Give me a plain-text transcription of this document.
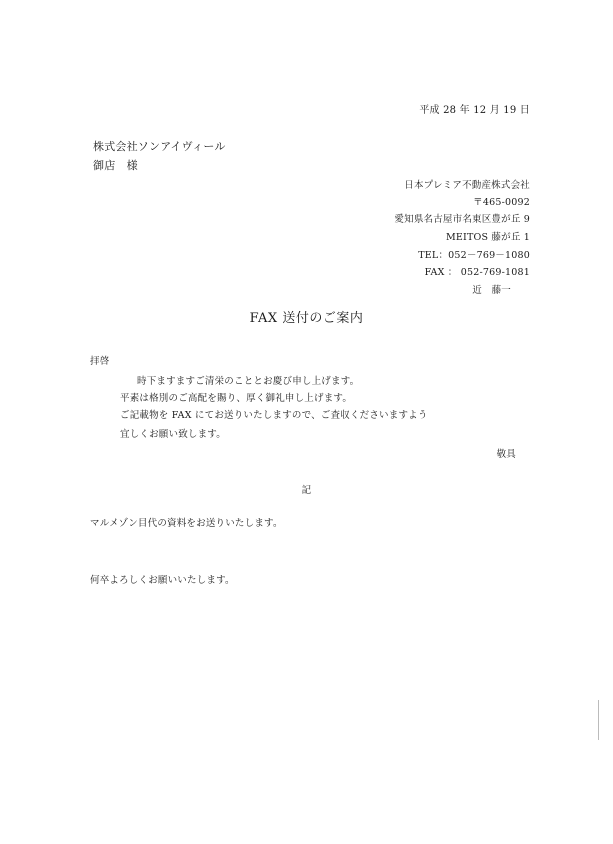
平成 28 年 12 月 19 日
株式会社ソンアイヴィール
御店　様
日本プレミア不動産株式会社
〒465-0092
愛知県名古屋市名東区豊が丘 9
MEITOS 藤が丘 1
TEL：052－769－1080
FAX ： 052-769-1081
近　藤一
FAX 送付のご案内
拝啓
時下ますますご清栄のこととお慶び申し上げます。
平素は格別のご高配を賜り、厚く御礼申し上げます。
ご記載物を FAX にてお送りいたしますので、ご査収くださいますよう
宜しくお願い致します。
敬具
記
マルメゾン目代の資料をお送りいたします。
何卒よろしくお願いいたします。
